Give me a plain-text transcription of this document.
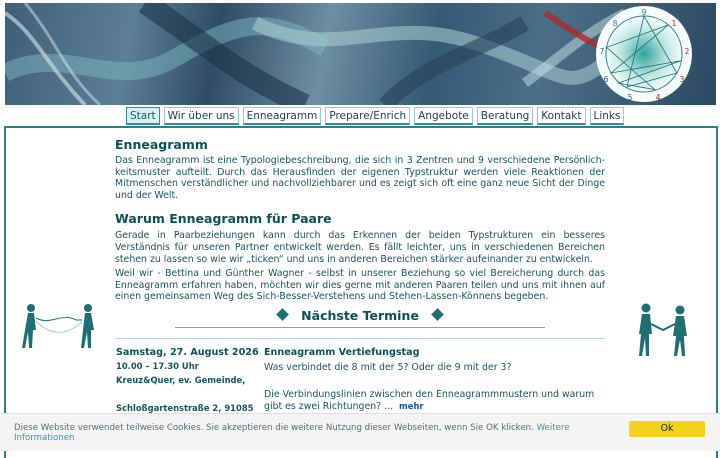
9
1
2
3
4
5
6
7
8
Start	Wir über uns	Enneagramm	Prepare/Enrich	Angebote	Beratung	Kontakt	Links
Enneagramm

Das Enneagramm ist eine Typologiebeschreibung, die sich in 3 Zentren und 9 verschiedene Persönlichkeitsmuster aufteilt. Durch das Herausfinden der eigenen Typstruktur werden viele Reaktionen der Mitmenschen verständlicher und nachvollziehbarer und es zeigt sich oft eine ganz neue Sicht der Dinge und der Welt.

Warum Enneagramm für Paare

Gerade in Paarbeziehungen kann durch das Erkennen der beiden Typstrukturen ein besseres Verständnis für unseren Partner entwickelt werden. Es fällt leichter, uns in verschiedenen Bereichen stehen zu lassen so wie wir „ticken“ und uns in anderen Bereichen stärker aufeinander zu entwickeln.

Weil wir - Bettina und Günther Wagner - selbst in unserer Beziehung so viel Bereicherung durch das Enneagramm erfahren haben, möchten wir dies gerne mit anderen Paaren teilen und uns mit ihnen auf einen gemeinsamen Weg des Sich-Besser-Verstehens und Stehen-Lassen-Könnens begeben.

Nächste Termine
Samstag, 27. August 2026
10.00 – 17.30 Uhr
Kreuz&Quer, ev. Gemeinde,
Schloßgartenstraße 2, 91085
Enneagramm Vertiefungstag
Was verbindet die 8 mit der 5? Oder die 9 mit der 3?
Die Verbindungslinien zwischen den Enneagrammmustern und warum gibt es zwei Richtungen? ... mehr
Diese Website verwendet teilweise Cookies. Sie akzeptieren die weitere Nutzung dieser Webseiten, wenn Sie OK klicken. Weitere Informationen
Ok
